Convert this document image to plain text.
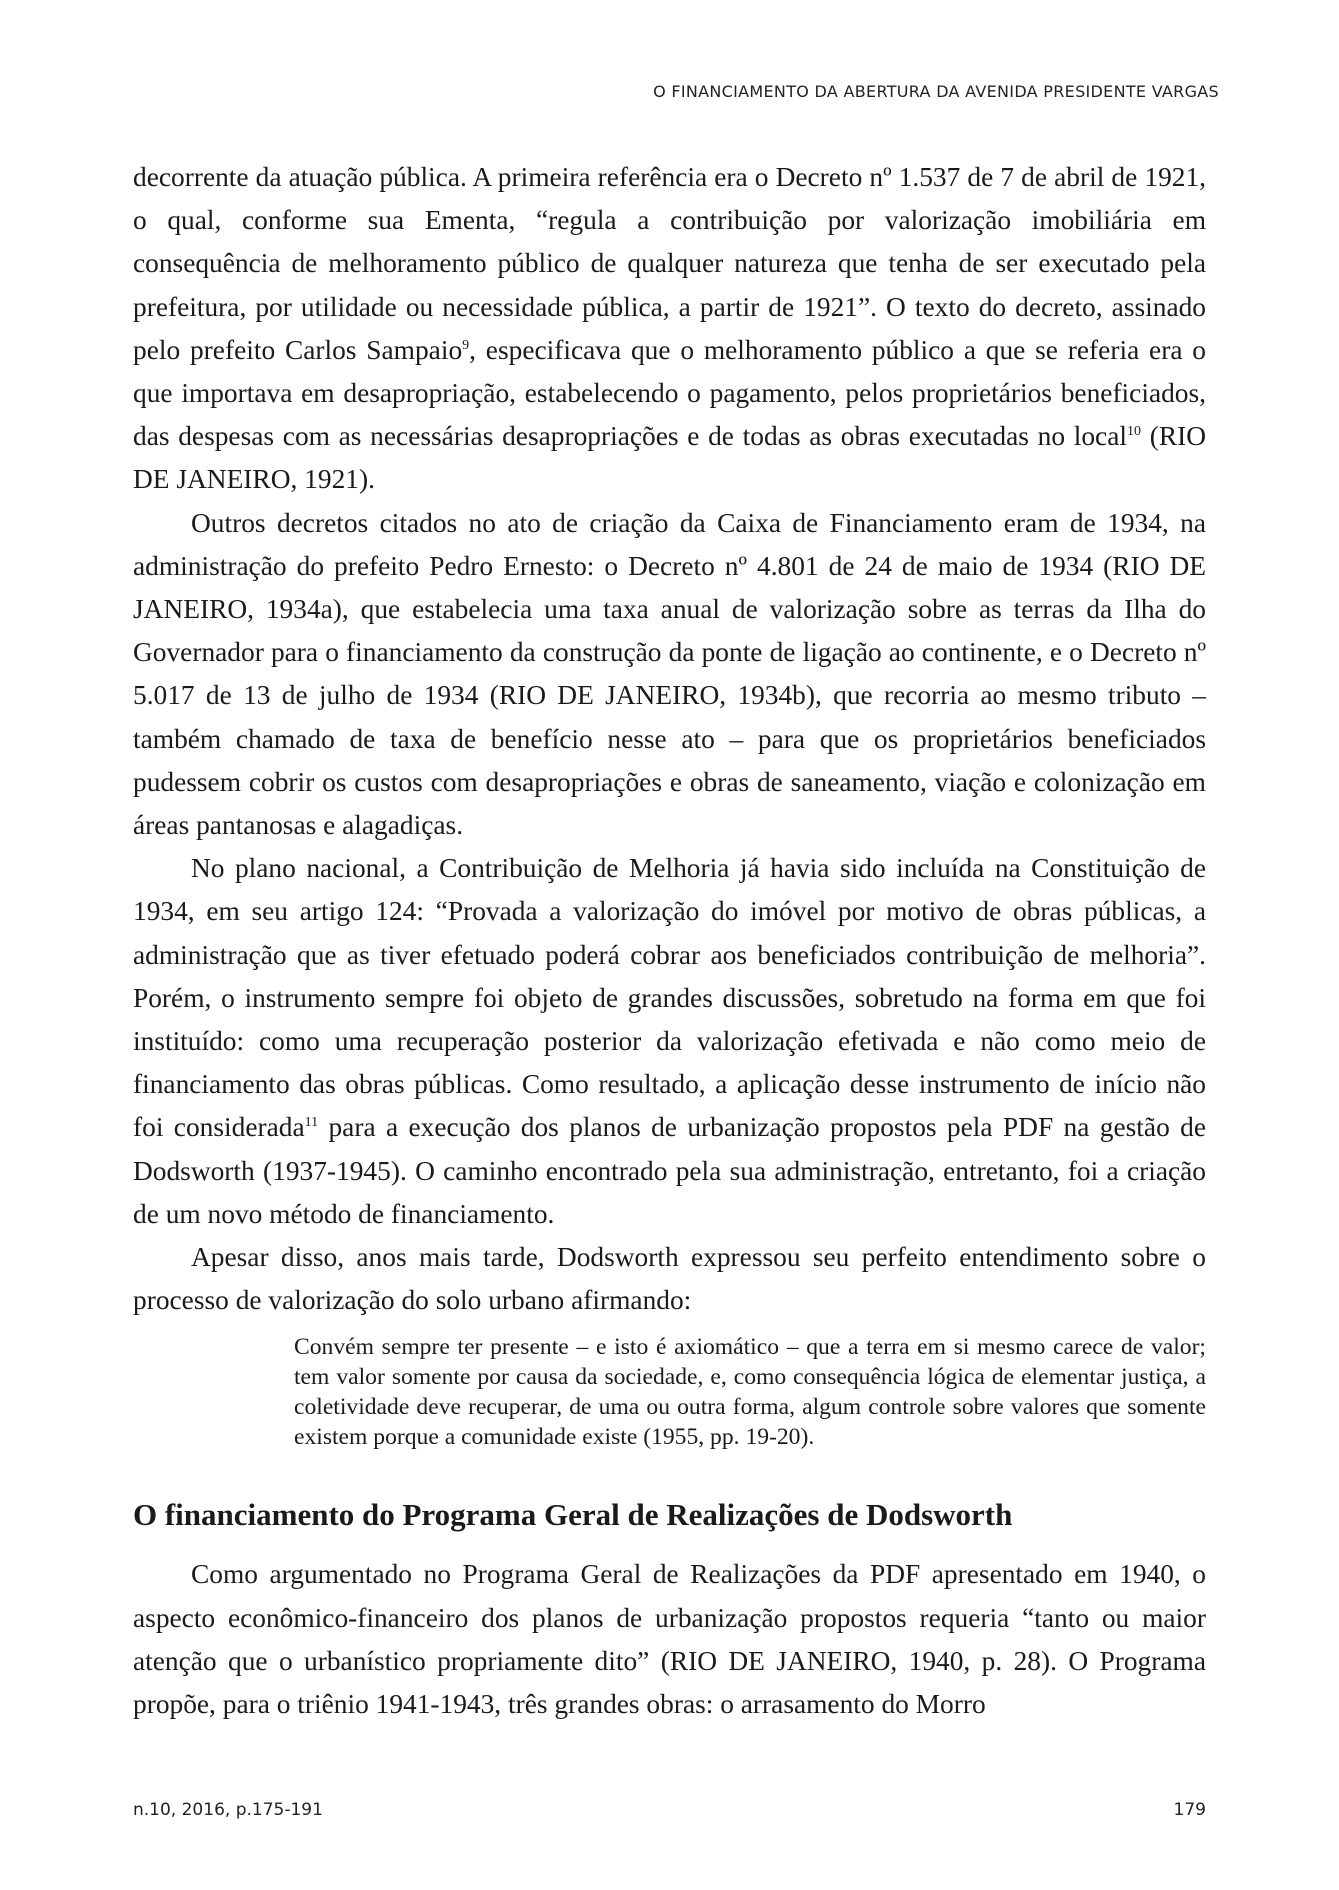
O FINANCIAMENTO DA ABERTURA DA AVENIDA PRESIDENTE VARGAS

decorrente da atuação pública. A primeira referência era o Decreto nº 1.537 de 7 de abril de 1921, o qual, conforme sua Ementa, “regula a contribuição por valorização imobiliária em consequência de melhoramento público de qualquer natureza que tenha de ser executado pela prefeitura, por utilidade ou necessidade pública, a partir de 1921”. O texto do decreto, assinado pelo prefeito Carlos Sampaio$^9$, especificava que o melhoramento público a que se referia era o que importava em desapropriação, estabelecendo o pagamento, pelos proprietários beneficiados, das despesas com as necessárias desapropriações e de todas as obras executadas no local$^{10}$ (RIO DE JANEIRO, 1921).

Outros decretos citados no ato de criação da Caixa de Financiamento eram de 1934, na administração do prefeito Pedro Ernesto: o Decreto nº 4.801 de 24 de maio de 1934 (RIO DE JANEIRO, 1934a), que estabelecia uma taxa anual de valorização sobre as terras da Ilha do Governador para o financiamento da construção da ponte de ligação ao continente, e o Decreto nº 5.017 de 13 de julho de 1934 (RIO DE JANEIRO, 1934b), que recorria ao mesmo tributo – também chamado de taxa de benefício nesse ato – para que os proprietários beneficiados pudessem cobrir os custos com desapropriações e obras de saneamento, viação e colonização em áreas pantanosas e alagadiças.

No plano nacional, a Contribuição de Melhoria já havia sido incluída na Constituição de 1934, em seu artigo 124: “Provada a valorização do imóvel por motivo de obras públicas, a administração que as tiver efetuado poderá cobrar aos beneficiados contribuição de melhoria”. Porém, o instrumento sempre foi objeto de grandes discussões, sobretudo na forma em que foi instituído: como uma recuperação posterior da valorização efetivada e não como meio de financiamento das obras públicas. Como resultado, a aplicação desse instrumento de início não foi considerada$^{11}$ para a execução dos planos de urbanização propostos pela PDF na gestão de Dodsworth (1937-1945). O caminho encontrado pela sua administração, entretanto, foi a criação de um novo método de financiamento.

Apesar disso, anos mais tarde, Dodsworth expressou seu perfeito entendimento sobre o processo de valorização do solo urbano afirmando:

Convém sempre ter presente – e isto é axiomático – que a terra em si mesmo carece de valor; tem valor somente por causa da sociedade, e, como consequência lógica de elementar justiça, a coletividade deve recuperar, de uma ou outra forma, algum controle sobre valores que somente existem porque a comunidade existe (1955, pp. 19-20).
O financiamento do Programa Geral de Realizações de Dodsworth

Como argumentado no Programa Geral de Realizações da PDF apresentado em 1940, o aspecto econômico-financeiro dos planos de urbanização propostos requeria “tanto ou maior atenção que o urbanístico propriamente dito” (RIO DE JANEIRO, 1940, p. 28). O Programa propõe, para o triênio 1941-1943, três grandes obras: o arrasamento do Morro

n.10, 2016, p.175-191	179
